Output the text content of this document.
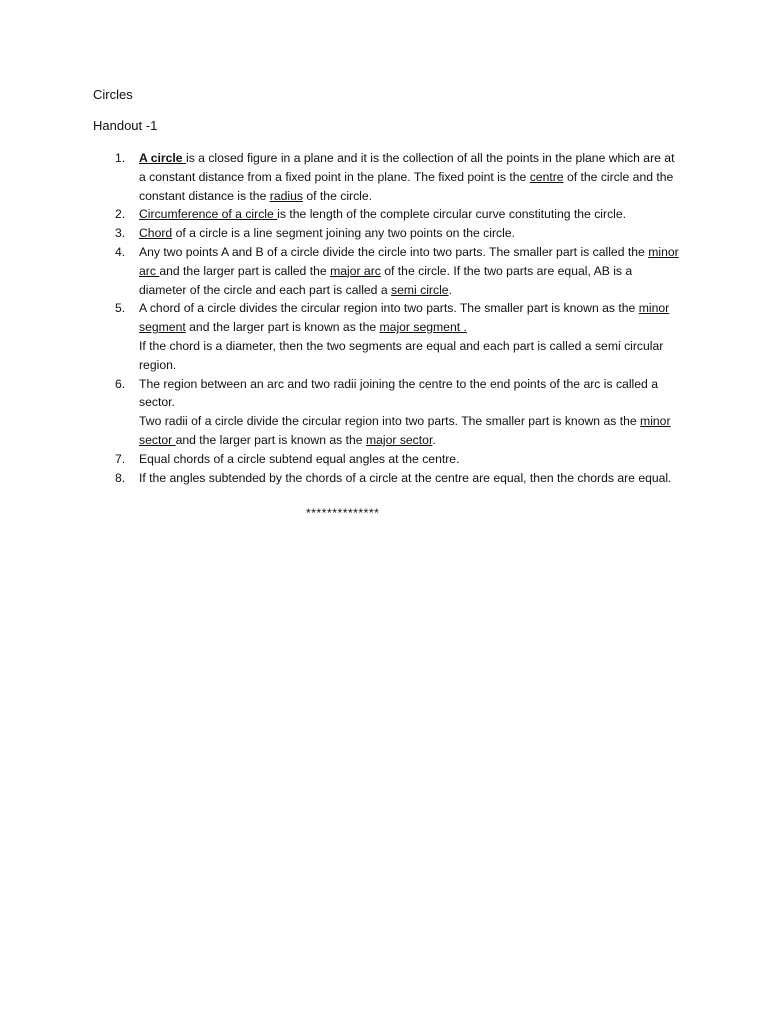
Circles
Handout -1
1.	A circle is a closed figure in a plane and it is the collection of all the points in the plane which are at a constant distance from a fixed point in the plane. The fixed point is the centre of the circle and the constant distance is the radius of the circle.
2.	Circumference of a circle is the length of the complete circular curve constituting the circle.
3.	Chord of a circle is a line segment joining any two points on the circle.
4.	Any two points A and B of a circle divide the circle into two parts. The smaller part is called the minor arc and the larger part is called the major arc of the circle. If the two parts are equal, AB is a diameter of the circle and each part is called a semi circle.
5.	A chord of a circle divides the circular region into two parts. The smaller part is known as the minor segment and the larger part is known as the major segment .
If the chord is a diameter, then the two segments are equal and each part is called a semi circular region.
6.	The region between an arc and two radii joining the centre to the end points of the arc is called a sector.
Two radii of a circle divide the circular region into two parts. The smaller part is known as the minor sector and the larger part is known as the major sector.
7.	Equal chords of a circle subtend equal angles at the centre.
8.	If the angles subtended by the chords of a circle at the centre are equal, then the chords are equal.
**************
